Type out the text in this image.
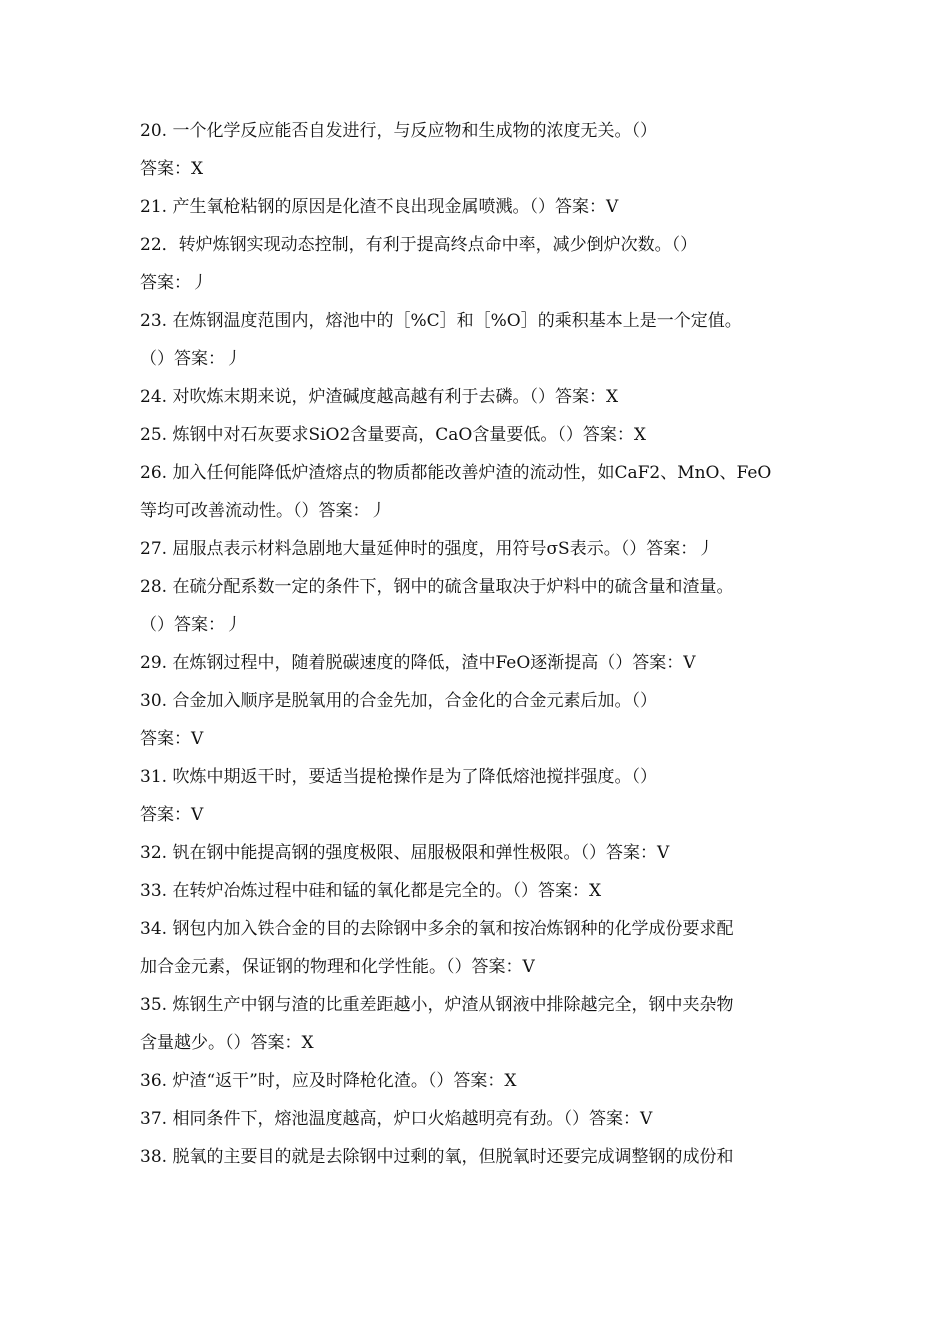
20. 一个化学反应能否自发进行，与反应物和生成物的浓度无关。（）
答案：X
21. 产生氧枪粘钢的原因是化渣不良出现金属喷溅。（）答案：V
22．转炉炼钢实现动态控制，有利于提高终点命中率，减少倒炉次数。（）
答案：丿
23. 在炼钢温度范围内，熔池中的［%C］和［%O］的乘积基本上是一个定值。
（）答案：丿
24. 对吹炼末期来说，炉渣碱度越高越有利于去磷。（）答案：X
25. 炼钢中对石灰要求SiO2含量要高，CaO含量要低。（）答案：X
26. 加入任何能降低炉渣熔点的物质都能改善炉渣的流动性，如CaF2、MnO、FeO
等均可改善流动性。（）答案：丿
27. 屈服点表示材料急剧地大量延伸时的强度，用符号σS表示。（）答案：丿
28. 在硫分配系数一定的条件下，钢中的硫含量取决于炉料中的硫含量和渣量。
（）答案：丿
29. 在炼钢过程中，随着脱碳速度的降低，渣中FeO逐渐提高（）答案：V
30. 合金加入顺序是脱氧用的合金先加，合金化的合金元素后加。（）
答案：V
31. 吹炼中期返干时，要适当提枪操作是为了降低熔池搅拌强度。（）
答案：V
32. 钒在钢中能提高钢的强度极限、屈服极限和弹性极限。（）答案：V
33. 在转炉冶炼过程中硅和锰的氧化都是完全的。（）答案：X
34. 钢包内加入铁合金的目的去除钢中多余的氧和按冶炼钢种的化学成份要求配
加合金元素，保证钢的物理和化学性能。（）答案：V
35. 炼钢生产中钢与渣的比重差距越小，炉渣从钢液中排除越完全，钢中夹杂物
含量越少。（）答案：X
36. 炉渣“返干”时，应及时降枪化渣。（）答案：X
37. 相同条件下，熔池温度越高，炉口火焰越明亮有劲。（）答案：V
38. 脱氧的主要目的就是去除钢中过剩的氧，但脱氧时还要完成调整钢的成份和
